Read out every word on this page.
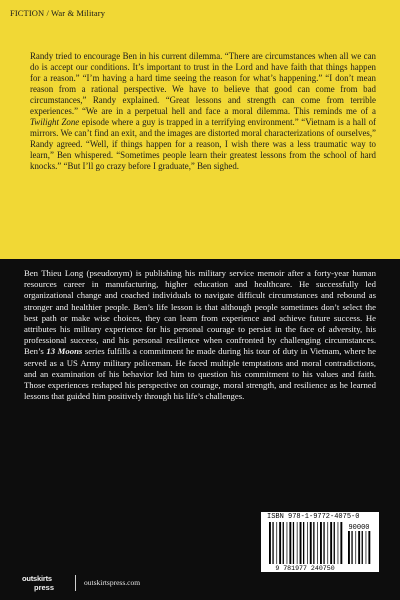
FICTION / War & Military

Randy tried to encourage Ben in his current dilemma. “There are circumstances when all we can do is accept our conditions. It’s important to trust in the Lord and have faith that things happen for a reason.” “I’m having a hard time seeing the reason for what’s happening.” “I don’t mean reason from a rational perspective. We have to believe that good can come from bad circumstances,” Randy explained. “Great lessons and strength can come from terrible experiences.” “We are in a perpetual hell and face a moral dilemma. This reminds me of a Twilight Zone episode where a guy is trapped in a terrifying environment.” “Vietnam is a hall of mirrors. We can’t find an exit, and the images are distorted moral characterizations of ourselves,” Randy agreed. “Well, if things happen for a reason, I wish there was a less traumatic way to learn,” Ben whispered. “Sometimes people learn their greatest lessons from the school of hard knocks.” “But I’ll go crazy before I graduate,” Ben sighed.

Ben Thieu Long (pseudonym) is publishing his military service memoir after a forty-year human resources career in manufacturing, higher education and healthcare. He successfully led organizational change and coached individuals to navigate difficult circumstances and rebound as stronger and healthier people. Ben’s life lesson is that although people sometimes don’t select the best path or make wise choices, they can learn from experience and achieve future success. He attributes his military experience for his personal courage to persist in the face of adversity, his professional success, and his personal resilience when confronted by challenging circumstances. Ben’s 13 Moons series fulfills a commitment he made during his tour of duty in Vietnam, where he served as a US Army military policeman. He faced multiple temptations and moral contradictions, and an examination of his behavior led him to question his commitment to his values and faith. Those experiences reshaped his perspective on courage, moral strength, and resilience as he learned lessons that guided him positively through his life’s challenges.

ISBN 978-1-9772-4075-0
90000
9 781977 240750
outskirts
press
outskirtspress.com
